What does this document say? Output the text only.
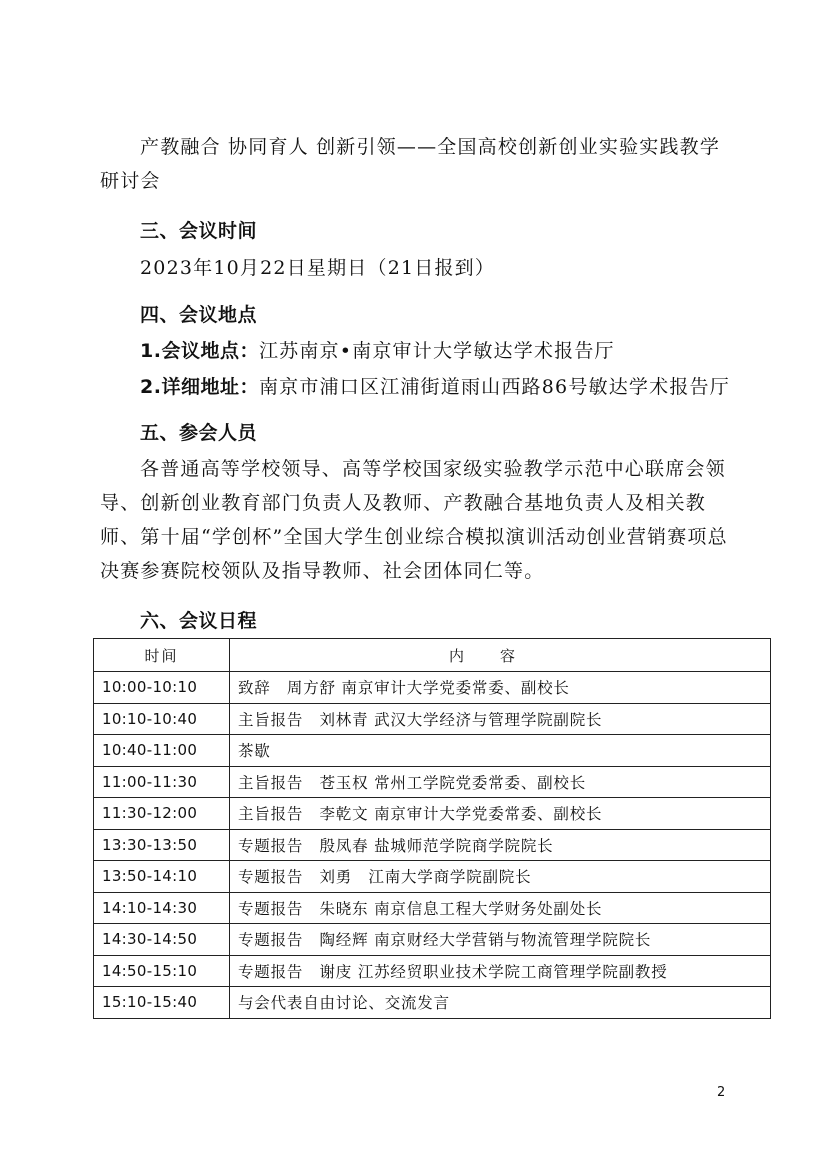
产教融合 协同育人 创新引领——全国高校创新创业实验实践教学研讨会

三、会议时间

2023年10月22日星期日（21日报到）

四、会议地点

1.会议地点：江苏南京•南京审计大学敏达学术报告厅

2.详细地址：南京市浦口区江浦街道雨山西路86号敏达学术报告厅

五、参会人员

各普通高等学校领导、高等学校国家级实验教学示范中心联席会领导、创新创业教育部门负责人及教师、产教融合基地负责人及相关教师、第十届“学创杯”全国大学生创业综合模拟演训活动创业营销赛项总决赛参赛院校领队及指导教师、社会团体同仁等。

六、会议日程
时间	内容
10:00-10:10	致辞　周方舒 南京审计大学党委常委、副校长
10:10-10:40	主旨报告　刘林青 武汉大学经济与管理学院副院长
10:40-11:00	茶歇
11:00-11:30	主旨报告　苍玉权 常州工学院党委常委、副校长
11:30-12:00	主旨报告　李乾文 南京审计大学党委常委、副校长
13:30-13:50	专题报告　殷凤春 盐城师范学院商学院院长
13:50-14:10	专题报告　刘勇　江南大学商学院副院长
14:10-14:30	专题报告　朱晓东 南京信息工程大学财务处副处长
14:30-14:50	专题报告　陶经辉 南京财经大学营销与物流管理学院院长
14:50-15:10	专题报告　谢庋 江苏经贸职业技术学院工商管理学院副教授
15:10-15:40	与会代表自由讨论、交流发言
2
